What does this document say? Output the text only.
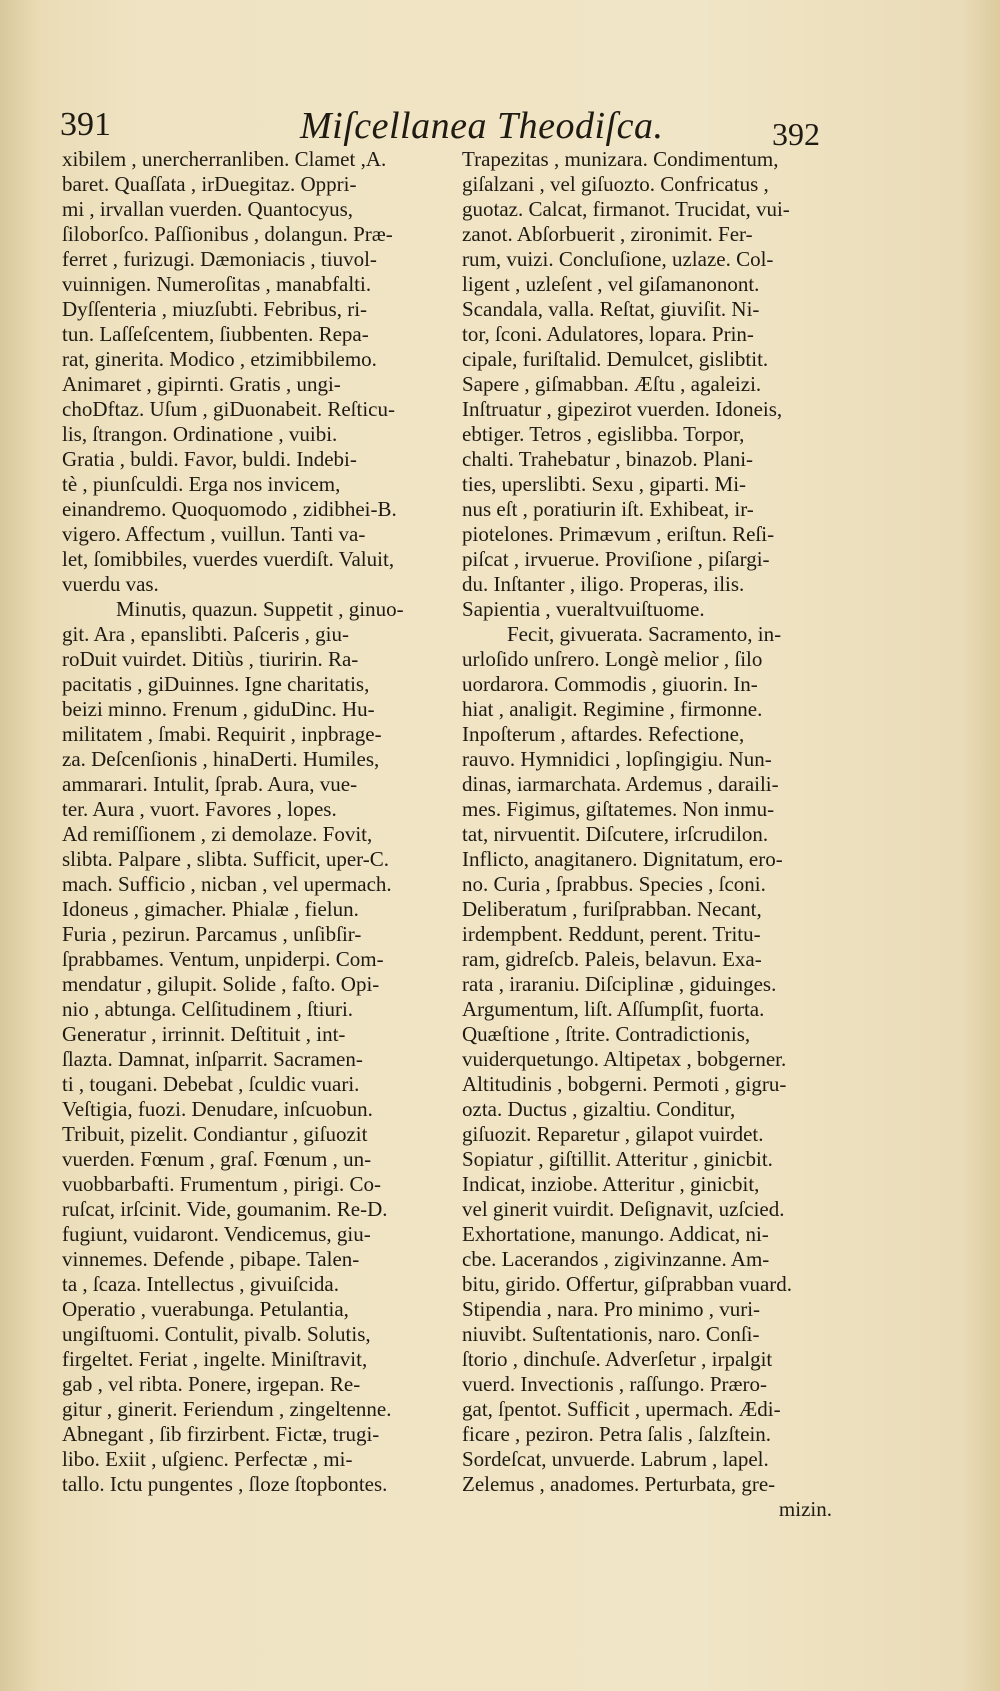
391	Miſcellanea Theodiſca.	392
xibilem , unercherranliben. Clamet ,A.
baret. Quaſſata , irDuegitaz. Oppri-
mi , irvallan vuerden. Quantocyus,
ſiloborſco. Paſſionibus , dolangun. Præ-
ferret , furizugi. Dæmoniacis , tiuvol-
vuinnigen. Numeroſitas , manabfalti.
Dyſſenteria , miuzſubti. Febribus, ri-
tun. Laſſeſcentem, ſiubbenten. Repa-
rat, ginerita. Modico , etzimibbilemo.
Animaret , gipirnti. Gratis , ungi-
choDftaz. Uſum , giDuonabeit. Reſticu-
lis, ſtrangon. Ordinatione , vuibi.
Gratia , buldi. Favor, buldi. Indebi-
tè , piunſculdi. Erga nos invicem,
einandremo. Quoquomodo , zidibhei-B.
vigero. Affectum , vuillun. Tanti va-
let, ſomibbiles, vuerdes vuerdiſt. Valuit,
vuerdu vas.
Minutis, quazun. Suppetit , ginuo-
git. Ara , epanslibti. Paſceris , giu-
roDuit vuirdet. Ditiùs , tiuririn. Ra-
pacitatis , giDuinnes. Igne charitatis,
beizi minno. Frenum , giduDinc. Hu-
militatem , ſmabi. Requirit , inpbrage-
za. Deſcenſionis , hinaDerti. Humiles,
ammarari. Intulit, ſprab. Aura, vue-
ter. Aura , vuort. Favores , lopes.
Ad remiſſionem , zi demolaze. Fovit,
slibta. Palpare , slibta. Sufficit, uper-C.
mach. Sufficio , nicban , vel upermach.
Idoneus , gimacher. Phialæ , fielun.
Furia , pezirun. Parcamus , unſibſir-
ſprabbames. Ventum, unpiderpi. Com-
mendatur , gilupit. Solide , faſto. Opi-
nio , abtunga. Celſitudinem , ſtiuri.
Generatur , irrinnit. Deſtituit , int-
ſlazta. Damnat, inſparrit. Sacramen-
ti , tougani. Debebat , ſculdic vuari.
Veſtigia, fuozi. Denudare, inſcuobun.
Tribuit, pizelit. Condiantur , giſuozit
vuerden. Fœnum , graſ. Fœnum , un-
vuobbarbafti. Frumentum , pirigi. Co-
ruſcat, irſcinit. Vide, goumanim. Re-D.
fugiunt, vuidaront. Vendicemus, giu-
vinnemes. Defende , pibape. Talen-
ta , ſcaza. Intellectus , givuiſcida.
Operatio , vuerabunga. Petulantia,
ungiſtuomi. Contulit, pivalb. Solutis,
firgeltet. Feriat , ingelte. Miniſtravit,
gab , vel ribta. Ponere, irgepan. Re-
gitur , ginerit. Feriendum , zingeltenne.
Abnegant , ſib firzirbent. Fictæ, trugi-
libo. Exiit , uſgienc. Perfectæ , mi-
tallo. Ictu pungentes , ſloze ſtopbontes.
Trapezitas , munizara. Condimentum,
giſalzani , vel giſuozto. Confricatus ,
guotaz. Calcat, firmanot. Trucidat, vui-
zanot. Abſorbuerit , zironimit. Fer-
rum, vuizi. Concluſione, uzlaze. Col-
ligent , uzleſent , vel giſamanonont.
Scandala, valla. Reſtat, giuviſit. Ni-
tor, ſconi. Adulatores, lopara. Prin-
cipale, furiſtalid. Demulcet, gislibtit.
Sapere , giſmabban. Æſtu , agaleizi.
Inſtruatur , gipezirot vuerden. Idoneis,
ebtiger. Tetros , egislibba. Torpor,
chalti. Trahebatur , binazob. Plani-
ties, uperslibti. Sexu , giparti. Mi-
nus eſt , poratiurin iſt. Exhibeat, ir-
piotelones. Primævum , eriſtun. Reſi-
piſcat , irvuerue. Proviſione , piſargi-
du. Inſtanter , iligo. Properas, ilis.
Sapientia , vueraltvuiſtuome.
Fecit, givuerata. Sacramento, in-
urloſido unſrero. Longè melior , ſilo
uordarora. Commodis , giuorin. In-
hiat , analigit. Regimine , firmonne.
Inpoſterum , aftardes. Refectione,
rauvo. Hymnidici , lopſingigiu. Nun-
dinas, iarmarchata. Ardemus , daraili-
mes. Figimus, giſtatemes. Non inmu-
tat, nirvuentit. Diſcutere, irſcrudilon.
Inflicto, anagitanero. Dignitatum, ero-
no. Curia , ſprabbus. Species , ſconi.
Deliberatum , furiſprabban. Necant,
irdempbent. Reddunt, perent. Tritu-
ram, gidreſcb. Paleis, belavun. Exa-
rata , iraraniu. Diſciplinæ , giduinges.
Argumentum, liſt. Aſſumpſit, fuorta.
Quæſtione , ſtrite. Contradictionis,
vuiderquetungo. Altipetax , bobgerner.
Altitudinis , bobgerni. Permoti , gigru-
ozta. Ductus , gizaltiu. Conditur,
giſuozit. Reparetur , gilapot vuirdet.
Sopiatur , giſtillit. Atteritur , ginicbit.
Indicat, inziobe. Atteritur , ginicbit,
vel ginerit vuirdit. Deſignavit, uzſcied.
Exhortatione, manungo. Addicat, ni-
cbe. Lacerandos , zigivinzanne. Am-
bitu, girido. Offertur, giſprabban vuard.
Stipendia , nara. Pro minimo , vuri-
niuvibt. Suſtentationis, naro. Conſi-
ſtorio , dinchuſe. Adverſetur , irpalgit
vuerd. Invectionis , raſſungo. Præro-
gat, ſpentot. Sufficit , upermach. Ædi-
ficare , peziron. Petra ſalis , ſalzſtein.
Sordeſcat, unvuerde. Labrum , lapel.
Zelemus , anadomes. Perturbata, gre-
mizin.
